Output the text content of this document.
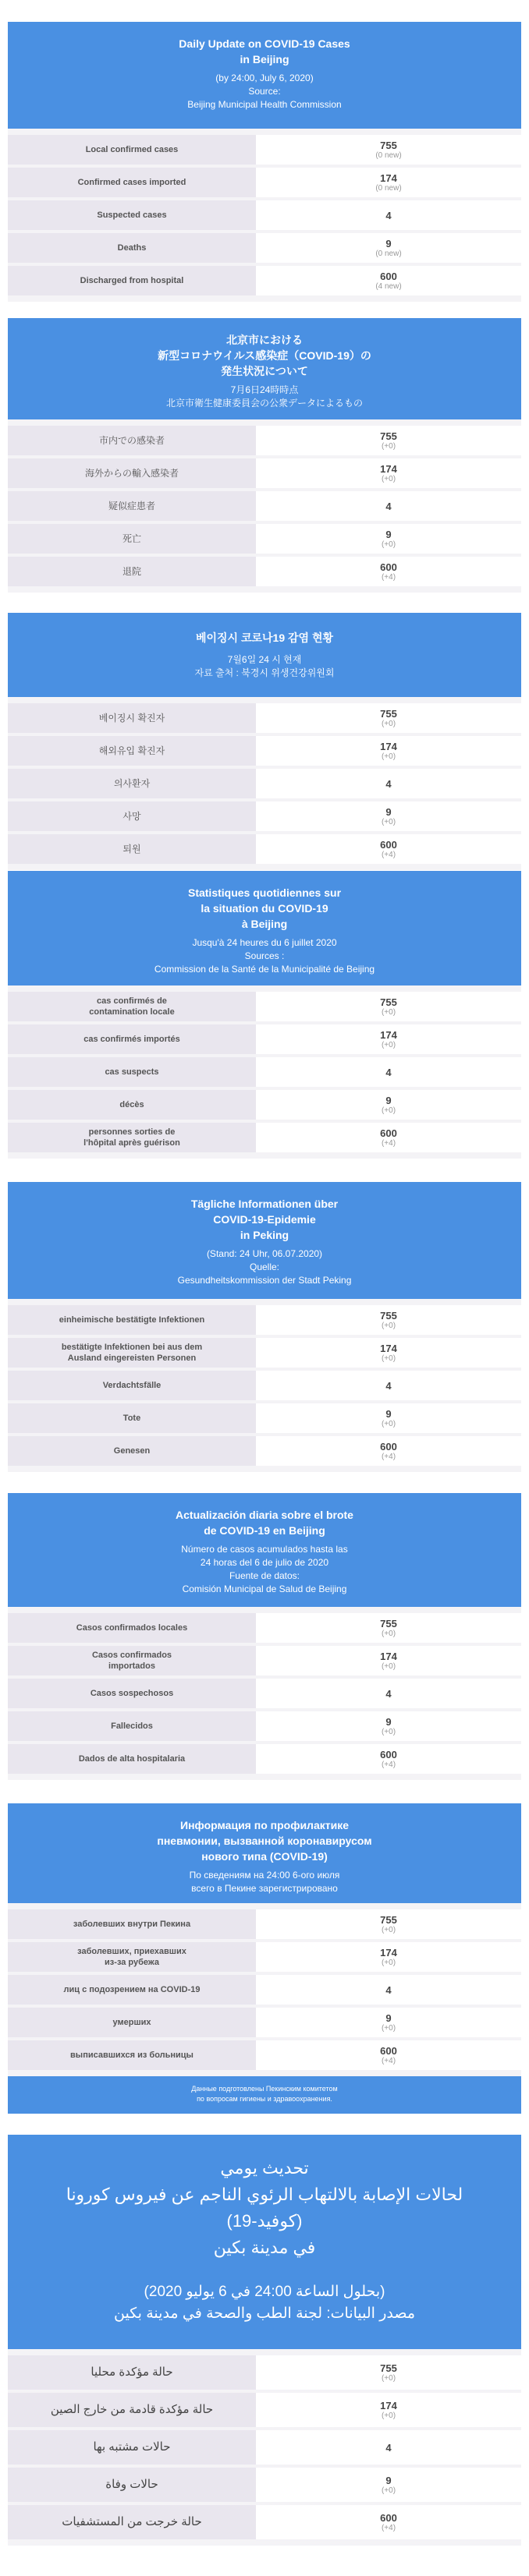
Daily Update on COVID-19 Cases
in Beijing
(by 24:00, July 6, 2020)
Source:
Beijing Municipal Health Commission
Local confirmed cases	755
(0 new)
Confirmed cases imported	174
(0 new)
Suspected cases	4
Deaths	9
(0 new)
Discharged from hospital	600
(4 new)
北京市における
新型コロナウイルス感染症（COVID-19）の
発生状況について
7月6日24時時点
北京市衛生健康委員会の公衆データによるもの
市内での感染者	755
(+0)
海外からの輸入感染者	174
(+0)
疑似症患者	4
死亡	9
(+0)
退院	600
(+4)
베이징시 코로나19 감염 현황
7월6일 24 시 현재
자료 출처 : 북경시 위생건강위원회
베이징시 확진자	755
(+0)
해외유입 확진자	174
(+0)
의사환자	4
사망	9
(+0)
퇴원	600
(+4)
Statistiques quotidiennes sur
la situation du COVID-19
à Beijing
Jusqu'à 24 heures du 6 juillet 2020
Sources :
Commission de la Santé de la Municipalité de Beijing
cas confirmés de
contamination locale
755
(+0)
cas confirmés importés	174
(+0)
cas suspects	4
décès	9
(+0)
personnes sorties de
l'hôpital après guérison
600
(+4)
Tägliche Informationen über
COVID-19-Epidemie
in Peking
(Stand: 24 Uhr, 06.07.2020)
Quelle:
Gesundheitskommission der Stadt Peking
einheimische bestätigte Infektionen	755
(+0)
bestätigte Infektionen bei aus dem
Ausland eingereisten Personen
174
(+0)
Verdachtsfälle	4
Tote	9
(+0)
Genesen	600
(+4)
Actualización diaria sobre el brote
de COVID-19 en Beijing
Número de casos acumulados hasta las
24 horas del 6 de julio de 2020
Fuente de datos:
Comisión Municipal de Salud de Beijing
Casos confirmados locales	755
(+0)
Casos confirmados
importados
174
(+0)
Casos sospechosos	4
Fallecidos	9
(+0)
Dados de alta hospitalaria	600
(+4)
Информация по профилактике
пневмонии, вызванной коронавирусом
нового типа (COVID-19)
По сведениям на 24:00 6-ого июля
всего в Пекине зарегистрировано
заболевших внутри Пекина	755
(+0)
заболевших, приехавших
из-за рубежа
174
(+0)
лиц с подозрением на COVID-19	4
умерших	9
(+0)
выписавшихся из больницы	600
(+4)
Данные подготовлены Пекинским комитетом
по вопросам гигиены и здравоохранения.
تحديث يومي
لحالات الإصابة بالالتهاب الرئوي الناجم عن فيروس كورونا (كوفيد-19)
في مدينة بكين
(بحلول الساعة 24:00 في 6 يوليو 2020)
مصدر البيانات: لجنة الطب والصحة في مدينة بكين
حالة مؤكدة محليا	755
(+0)
حالة مؤكدة قادمة من خارج الصين	174
(+0)
حالات مشتبه بها	4
حالات وفاة	9
(+0)
حالة خرجت من المستشفيات	600
(+4)
